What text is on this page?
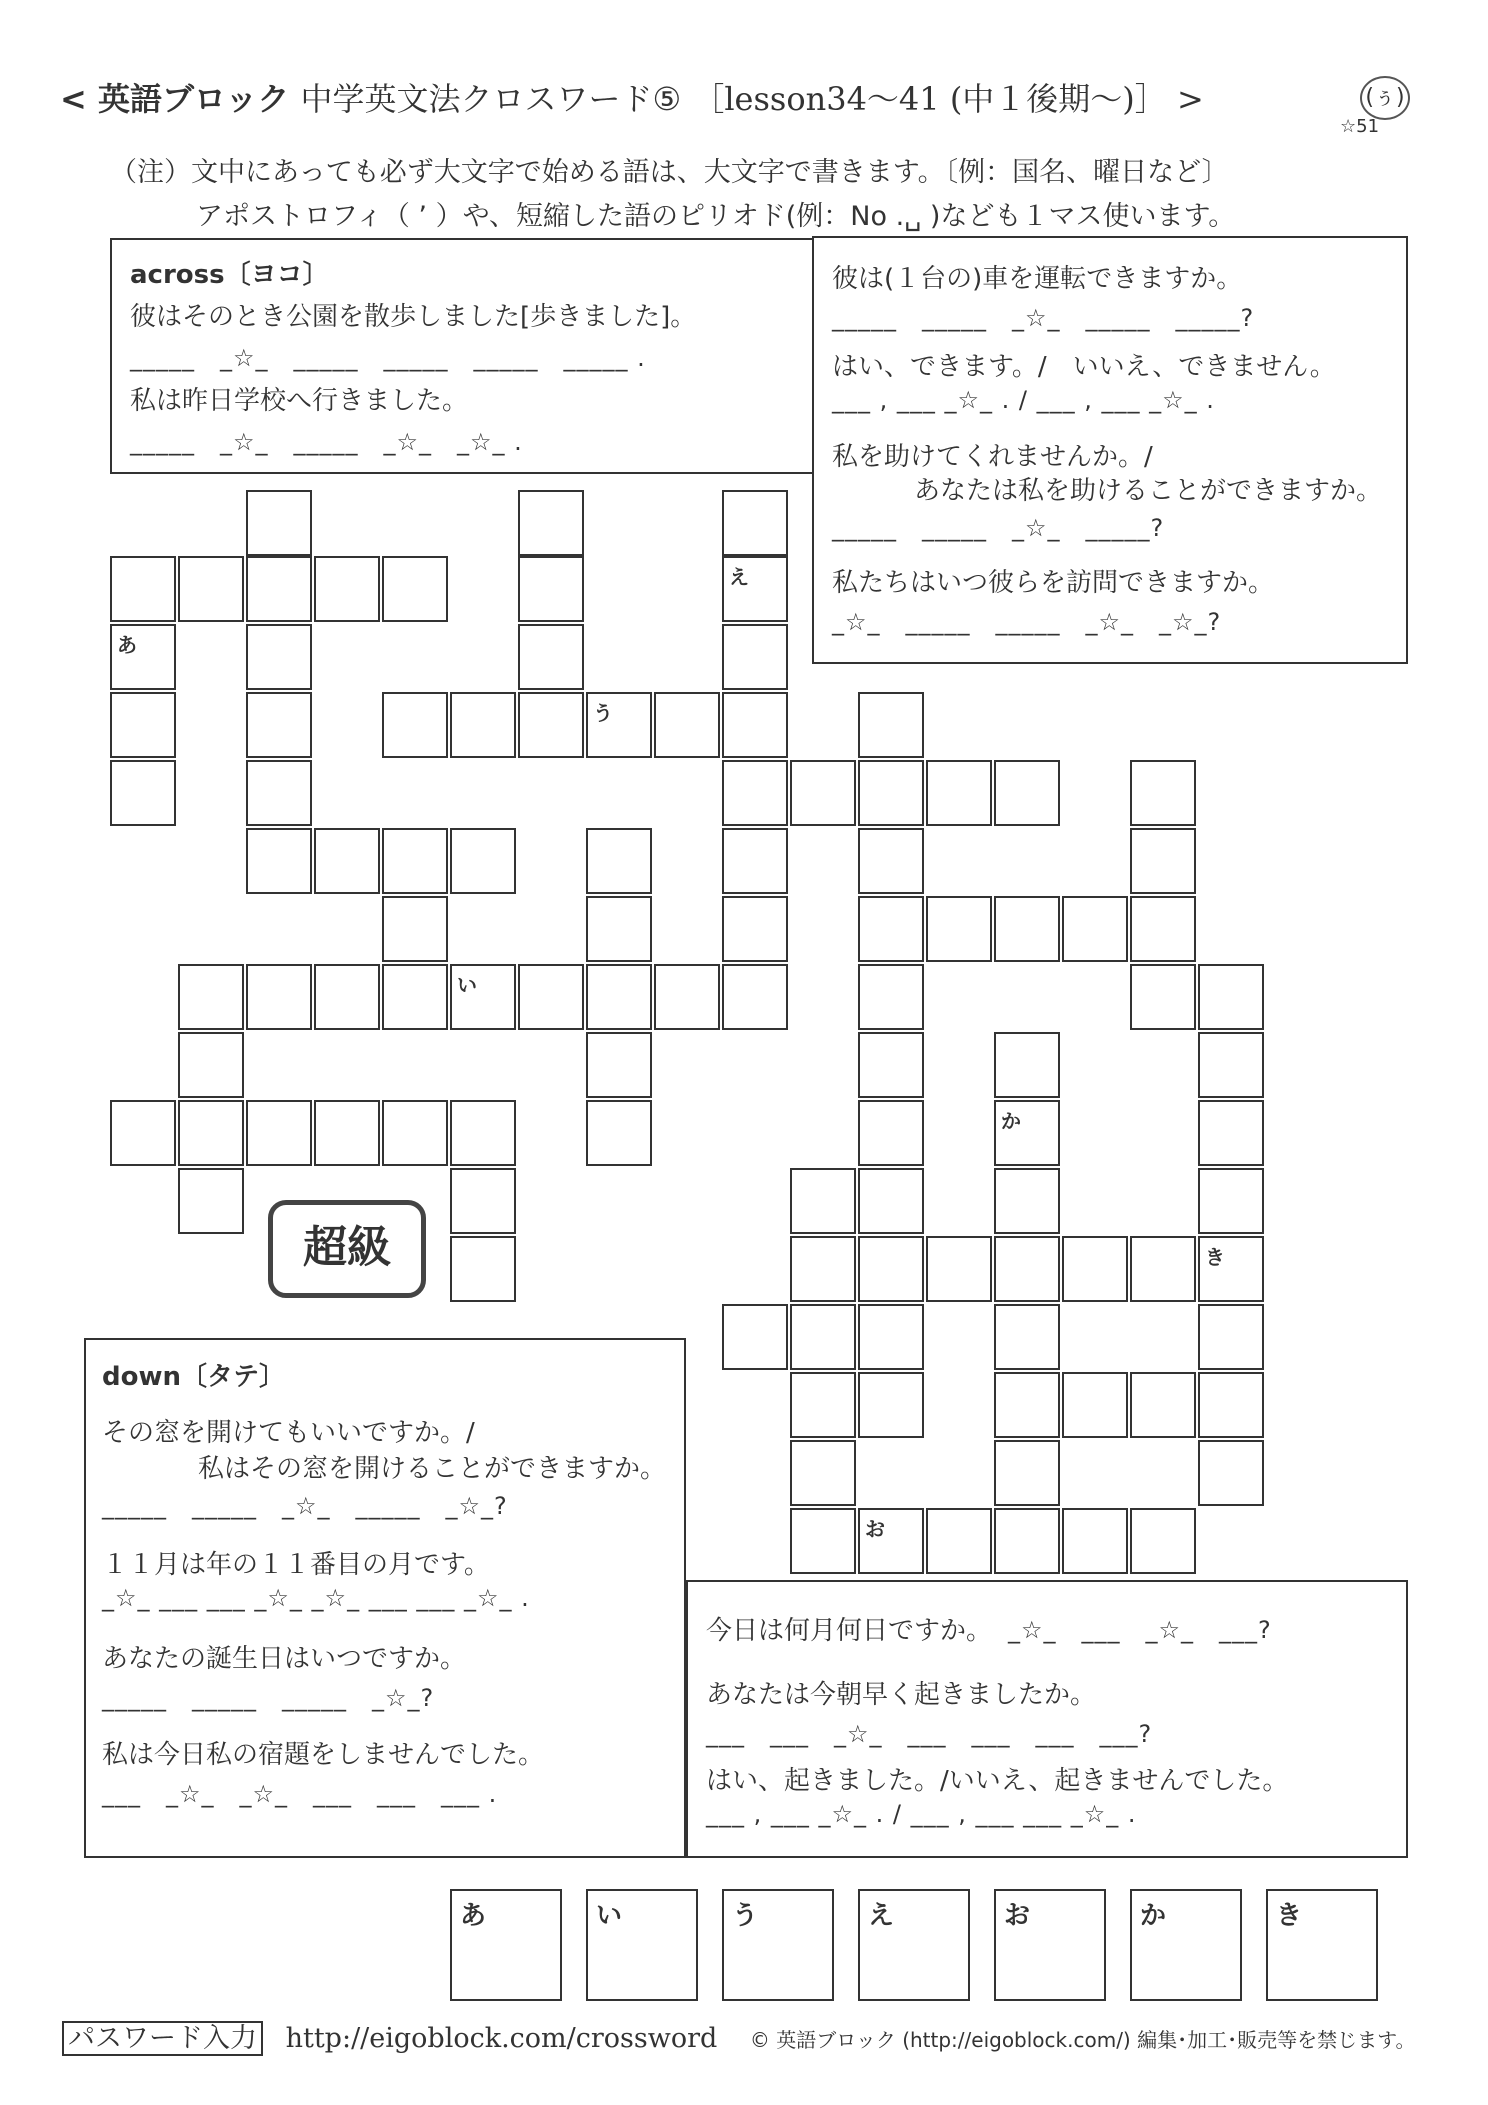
< 英語ブロック 中学英文法クロスワード⑤ ［lesson34〜41 (中１後期〜)］ >	(ぅ)
☆51
（注）文中にあっても必ず大文字で始める語は、大文字で書きます。〔例：国名、曜日など〕
アポストロフィ（ ’ ）や、短縮した語のピリオド(例：No .␣ )なども１マス使います。
across〔ヨコ〕
彼はそのとき公園を散歩しました[歩きました]。
_____　_☆_　_____　_____　_____　_____ .
私は昨日学校へ行きました。
_____　_☆_　_____　_☆_　_☆_ .
彼は(１台の)車を運転できますか。
_____　_____　_☆_　_____　_____?
はい、できます。/　いいえ、できません。
___ , ___ _☆_ . / ___ , ___ _☆_ .
私を助けてくれませんか。/
あなたは私を助けることができますか。
_____　_____　_☆_　_____?
私たちはいつ彼らを訪問できますか。
_☆_　_____　_____　_☆_　_☆_?
え
あ
う
い
か
き
お
超級
down〔タテ〕
その窓を開けてもいいですか。/
私はその窓を開けることができますか。
_____　_____　_☆_　_____　_☆_?
１１月は年の１１番目の月です。
_☆_ ___ ___ _☆_ _☆_ ___ ___ _☆_ .
あなたの誕生日はいつですか。
_____　_____　_____　_☆_?
私は今日私の宿題をしませんでした。
___　_☆_　_☆_　___　___　___ .
今日は何月何日ですか。 _☆_　___　_☆_　___?
あなたは今朝早く起きましたか。
___　___　_☆_　___　___　___　___?
はい、起きました。/いいえ、起きませんでした。
___ , ___ _☆_ . / ___ , ___ ___ _☆_ .
あ	い	う	え	お	か	き
パスワード入力 http://eigoblock.com/crossword © 英語ブロック (http://eigoblock.com/) 編集･加工･販売等を禁じます。
